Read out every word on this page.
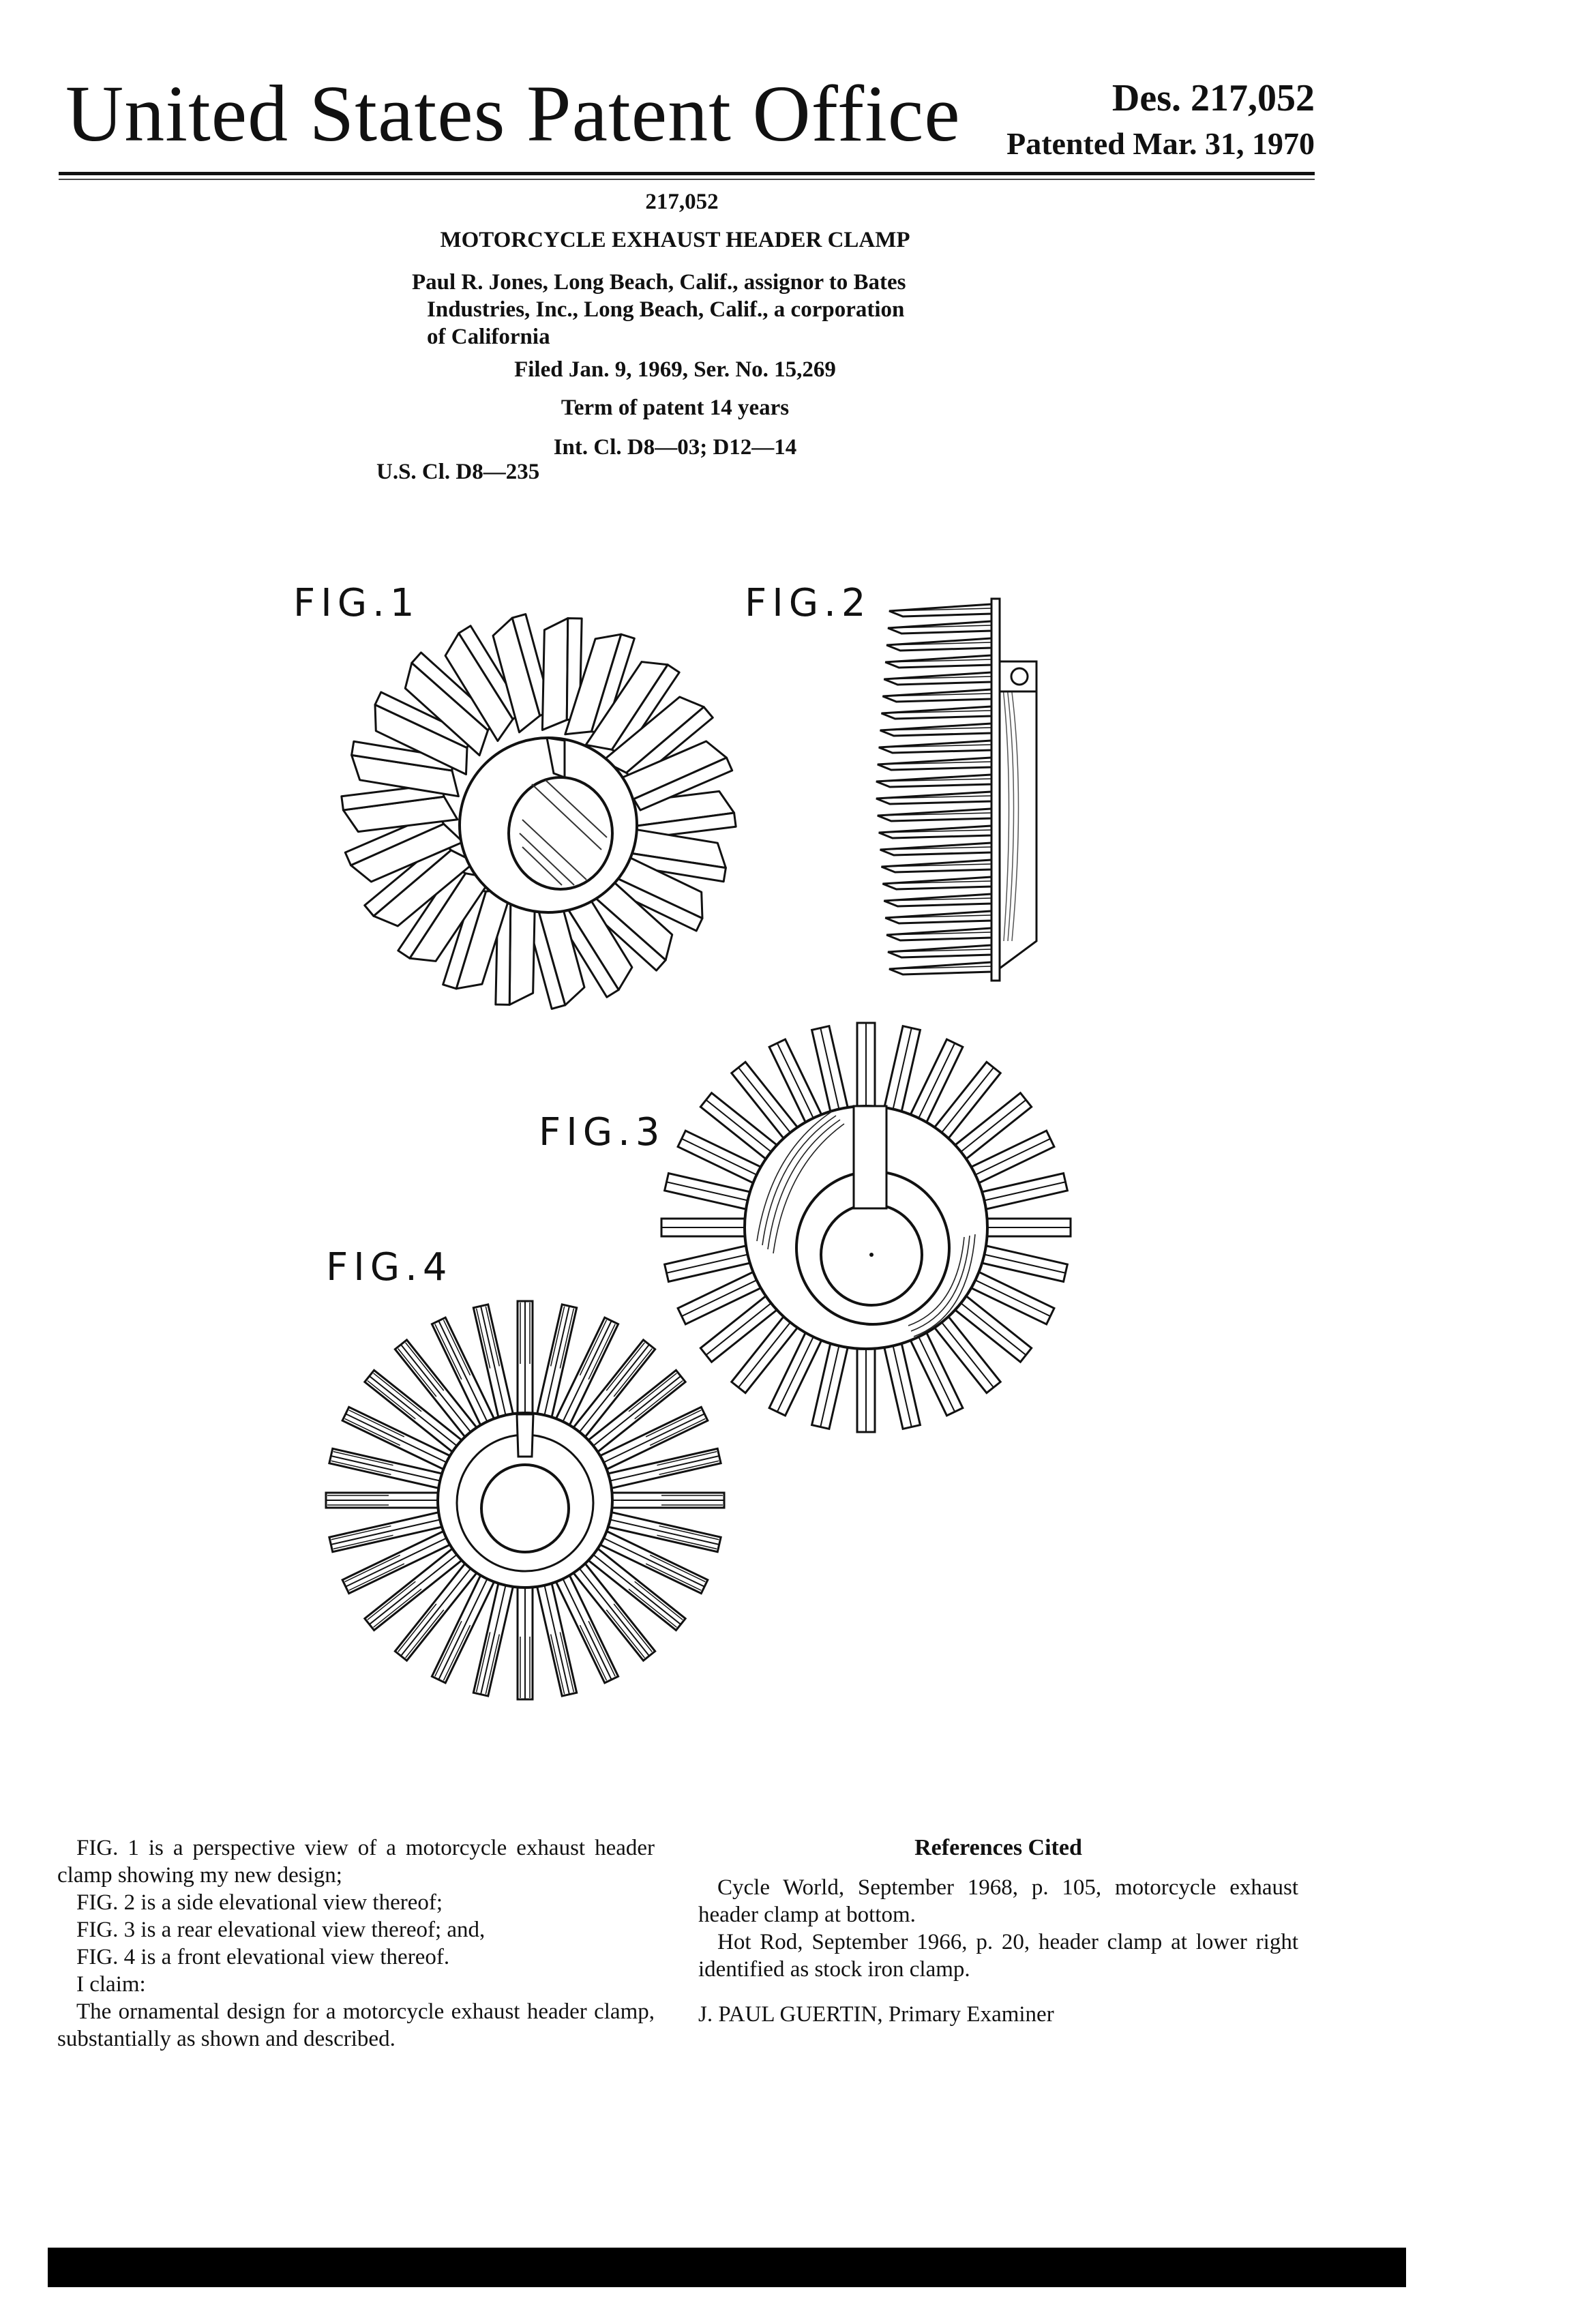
United States Patent Office	Des. 217,052
Patented Mar. 31, 1970
217,052
MOTORCYCLE EXHAUST HEADER CLAMP
Paul R. Jones, Long Beach, Calif., assignor to Bates
Industries, Inc., Long Beach, Calif., a corporation
of California
Filed Jan. 9, 1969, Ser. No. 15,269
Term of patent 14 years
Int. Cl. D8—03; D12—14
U.S. Cl. D8—235
FIG.1	FIG.2
FIG.3
FIG.4

FIG. 1 is a perspective view of a motorcycle exhaust header clamp showing my new design;

FIG. 2 is a side elevational view thereof;

FIG. 3 is a rear elevational view thereof; and,

FIG. 4 is a front elevational view thereof.

I claim:

The ornamental design for a motorcycle exhaust header clamp, substantially as shown and described.

References Cited

Cycle World, September 1968, p. 105, motorcycle exhaust header clamp at bottom.

Hot Rod, September 1966, p. 20, header clamp at lower right identified as stock iron clamp.

J. PAUL GUERTIN, Primary Examiner
